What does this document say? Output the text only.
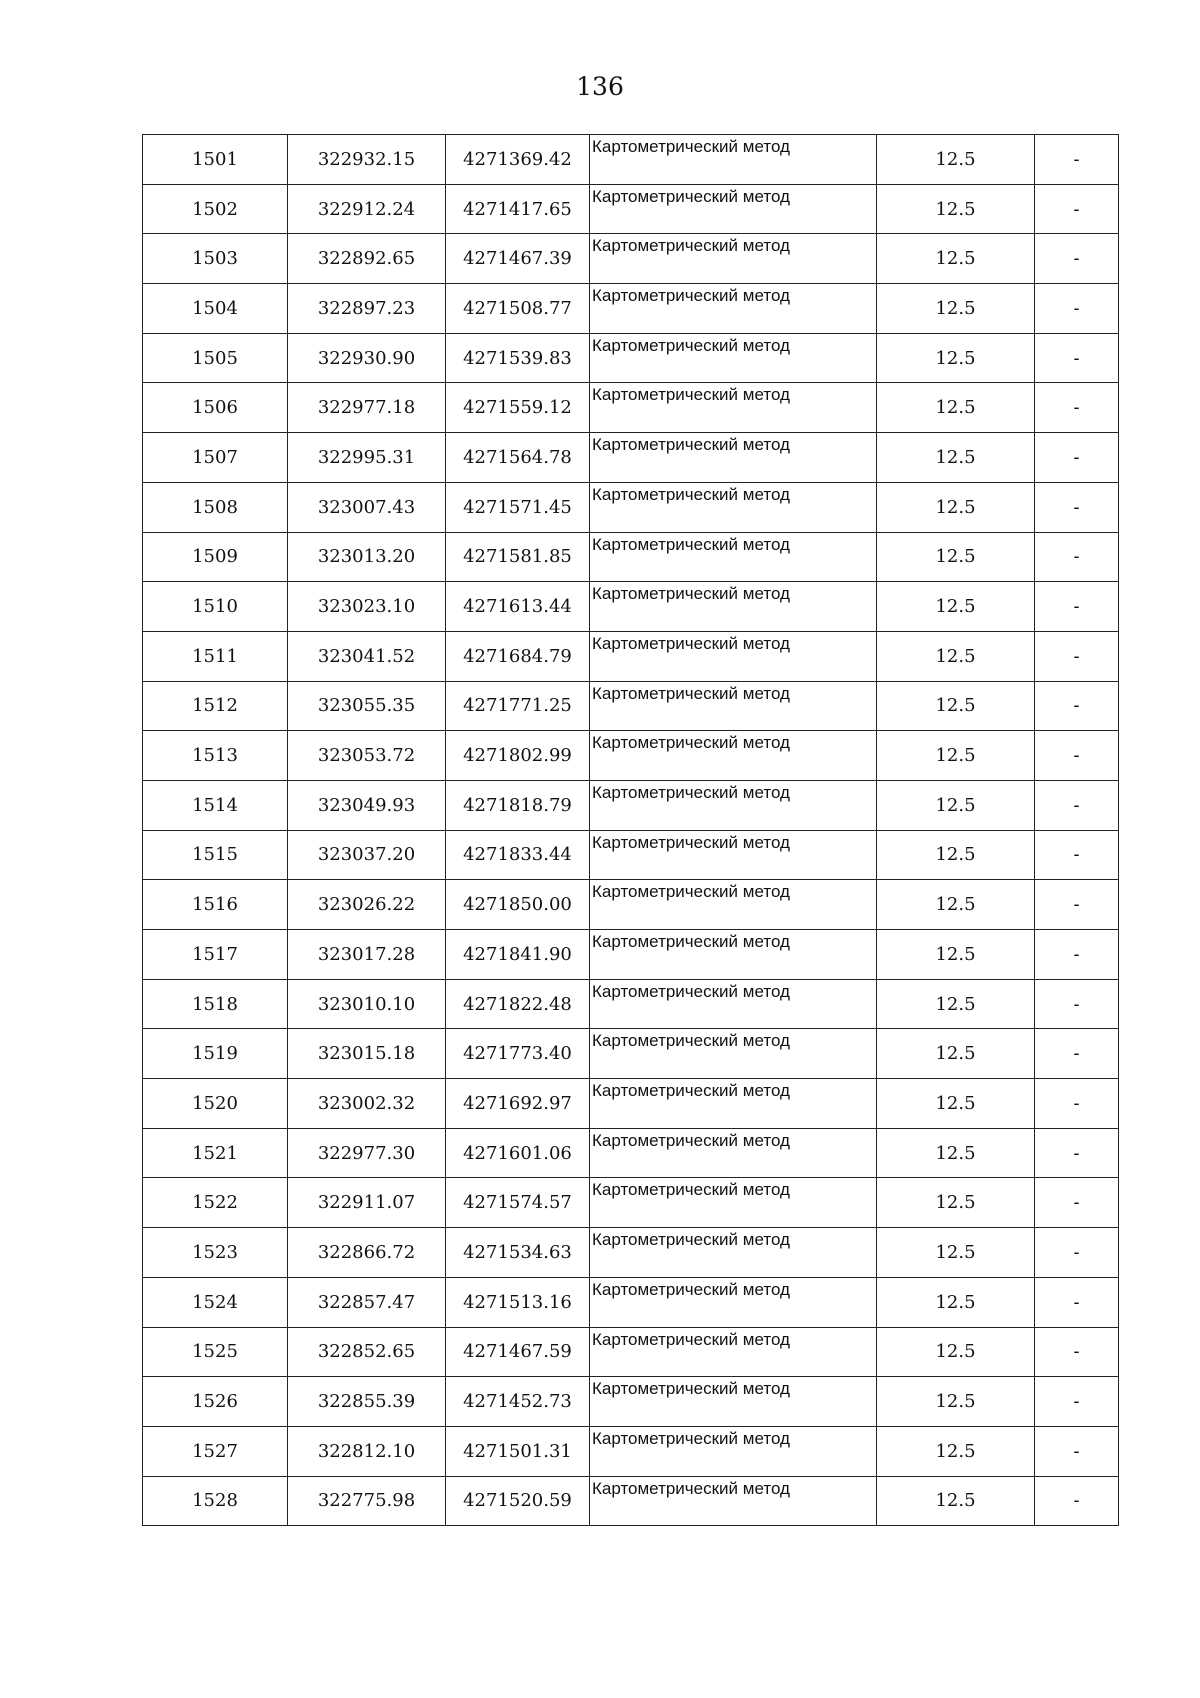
136
1501	322932.15	4271369.42	Картометрический метод	12.5	-
1502	322912.24	4271417.65	Картометрический метод	12.5	-
1503	322892.65	4271467.39	Картометрический метод	12.5	-
1504	322897.23	4271508.77	Картометрический метод	12.5	-
1505	322930.90	4271539.83	Картометрический метод	12.5	-
1506	322977.18	4271559.12	Картометрический метод	12.5	-
1507	322995.31	4271564.78	Картометрический метод	12.5	-
1508	323007.43	4271571.45	Картометрический метод	12.5	-
1509	323013.20	4271581.85	Картометрический метод	12.5	-
1510	323023.10	4271613.44	Картометрический метод	12.5	-
1511	323041.52	4271684.79	Картометрический метод	12.5	-
1512	323055.35	4271771.25	Картометрический метод	12.5	-
1513	323053.72	4271802.99	Картометрический метод	12.5	-
1514	323049.93	4271818.79	Картометрический метод	12.5	-
1515	323037.20	4271833.44	Картометрический метод	12.5	-
1516	323026.22	4271850.00	Картометрический метод	12.5	-
1517	323017.28	4271841.90	Картометрический метод	12.5	-
1518	323010.10	4271822.48	Картометрический метод	12.5	-
1519	323015.18	4271773.40	Картометрический метод	12.5	-
1520	323002.32	4271692.97	Картометрический метод	12.5	-
1521	322977.30	4271601.06	Картометрический метод	12.5	-
1522	322911.07	4271574.57	Картометрический метод	12.5	-
1523	322866.72	4271534.63	Картометрический метод	12.5	-
1524	322857.47	4271513.16	Картометрический метод	12.5	-
1525	322852.65	4271467.59	Картометрический метод	12.5	-
1526	322855.39	4271452.73	Картометрический метод	12.5	-
1527	322812.10	4271501.31	Картометрический метод	12.5	-
1528	322775.98	4271520.59	Картометрический метод	12.5	-
